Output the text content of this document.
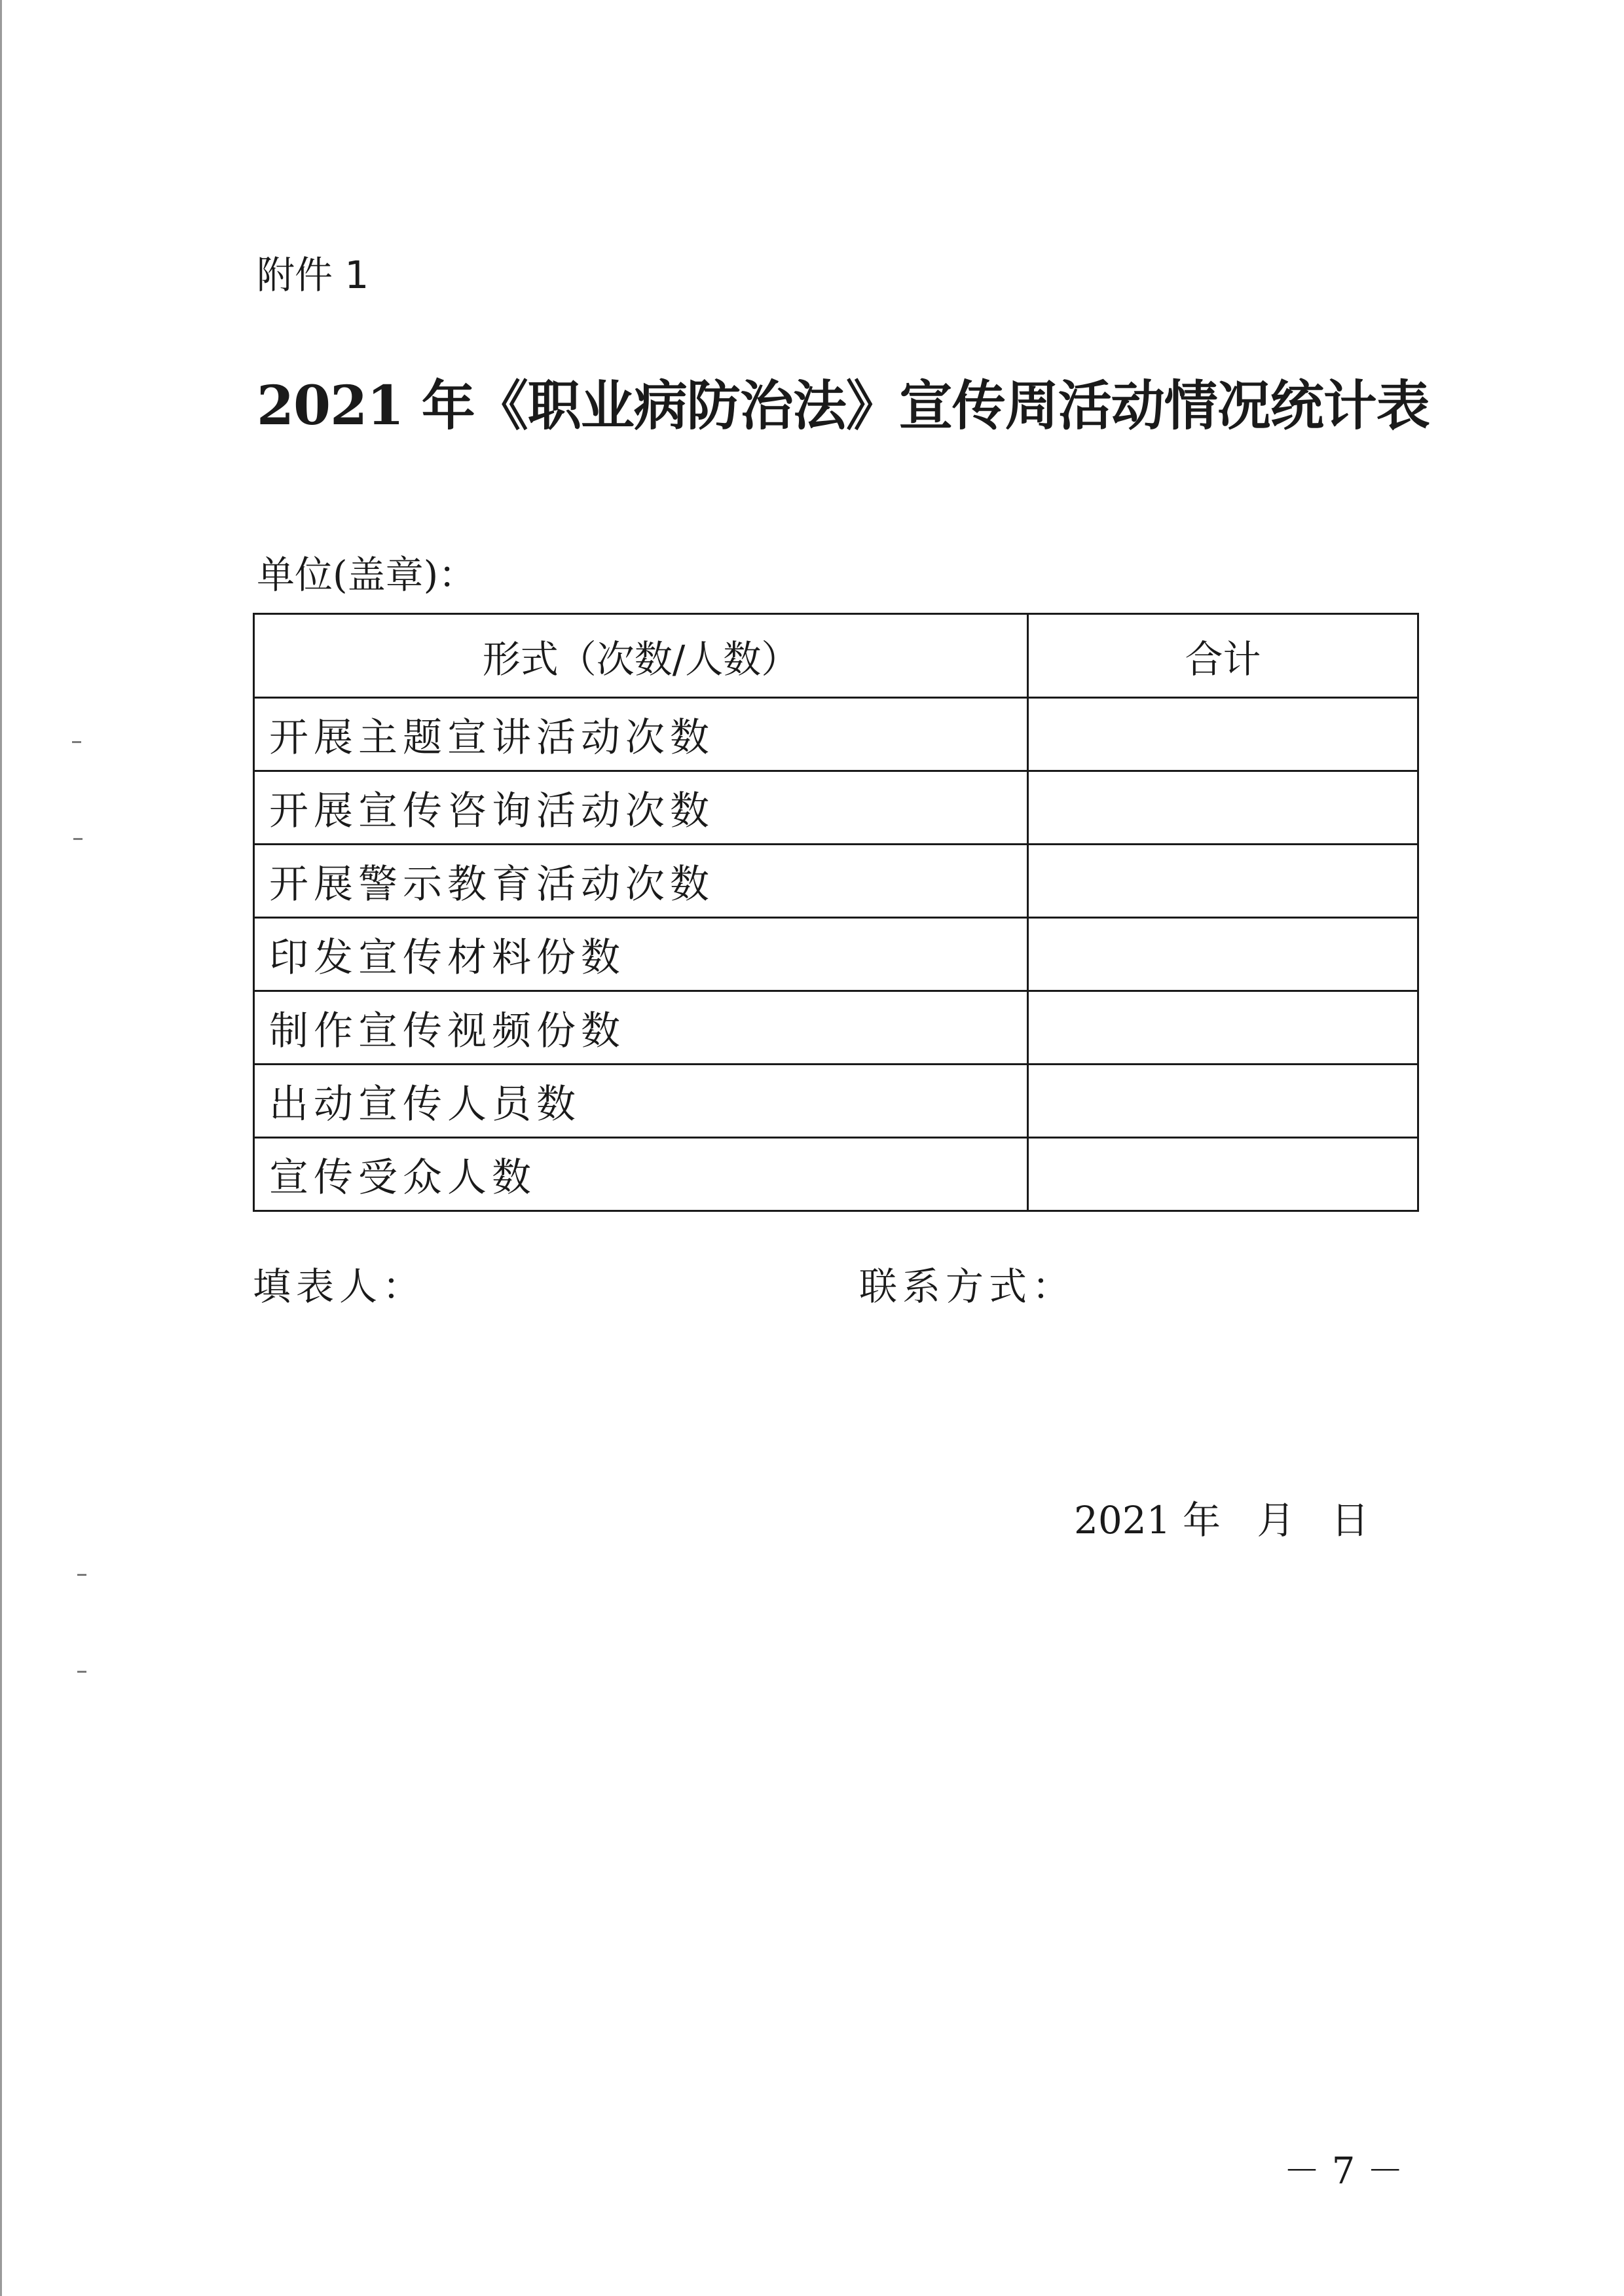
附件 1
2021 年《职业病防治法》宣传周活动情况统计表
单位(盖章)：
形式（次数/人数）	合计
开展主题宣讲活动次数	
开展宣传咨询活动次数	
开展警示教育活动次数	
印发宣传材料份数	
制作宣传视频份数	
出动宣传人员数	
宣传受众人数	
填表人：	联系方式：
2021 年   月   日
－ 7 －
